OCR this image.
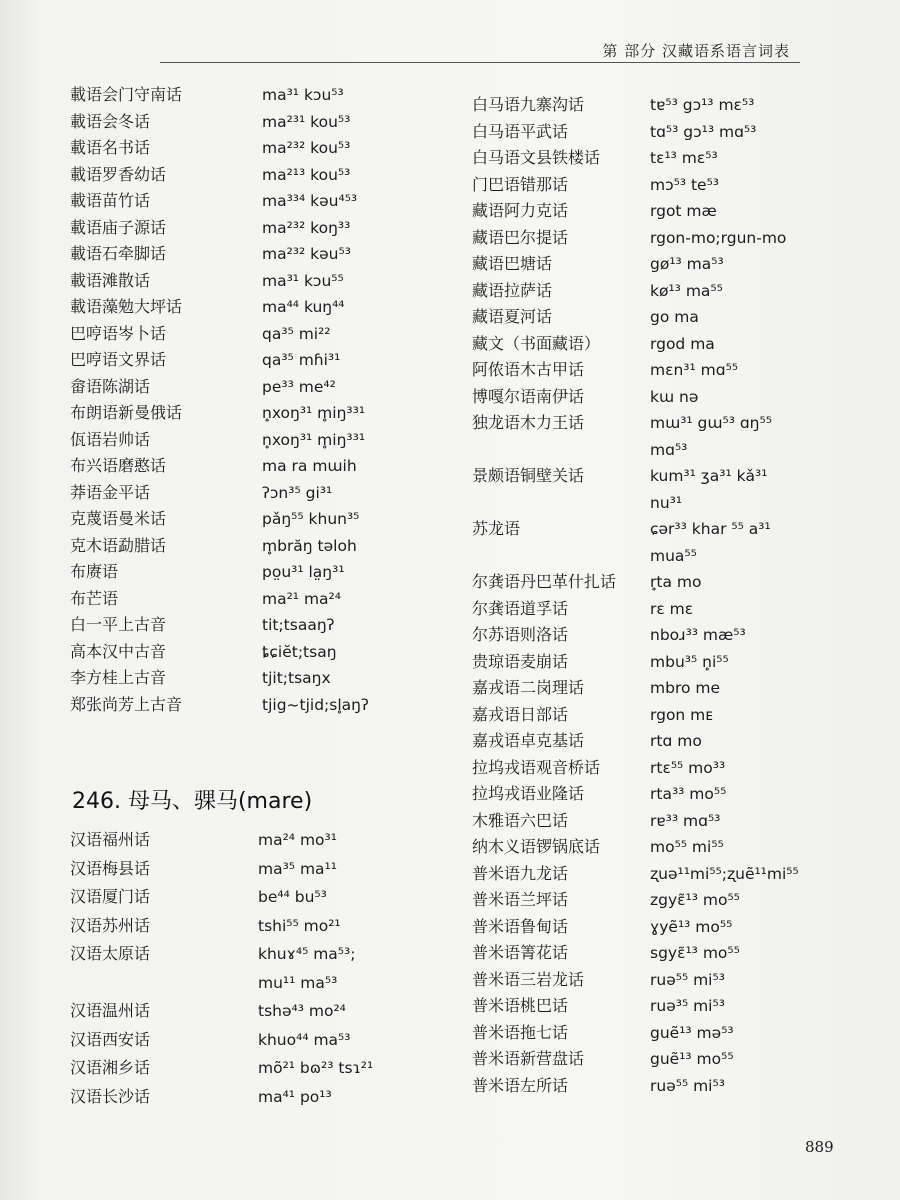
第 部分 汉藏语系语言词表
載语会门守南话	ma³¹ kɔu⁵³
載语会冬话	ma²³¹ kou⁵³
載语名书话	ma²³² kou⁵³
載语罗香幼话	ma²¹³ kou⁵³
載语苗竹话	ma³³⁴ kəu⁴⁵³
載语庙子源话	ma²³² koŋ³³
載语石牵脚话	ma²³² kəu⁵³
載语滩散话	ma³¹ kɔu⁵⁵
載语藻勉大坪话	ma⁴⁴ kuŋ⁴⁴
巴哼语岑卜话	qa³⁵ mi²²
巴哼语文界话	qa³⁵ mɦi³¹
畲语陈湖话	pe³³ me⁴²
布朗语新曼俄话	n̥xoŋ³¹ m̥iŋ³³¹
佤语岩帅话	n̥xoŋ³¹ m̥iŋ³³¹
布兴语磨憨话	ma ra mɯih
莽语金平话	ʔɔn³⁵ gi³¹
克蔑语曼米话	pǎŋ⁵⁵ khun³⁵
克木语勐腊话	m̥brăŋ təloh
布赓语	po̤u³¹ la̤ŋ³¹
布芒语	ma²¹ ma²⁴
白一平上古音	tit;tsaaŋʔ
高本汉中古音	ȶɕiĕt;tsaŋ
李方桂上古音	tjit;tsaŋx
郑张尚芳上古音	tjig~tjid;sl̥aŋʔ
246. 母马、骒马(mare)
汉语福州话	ma²⁴ mo³¹
汉语梅县话	ma³⁵ ma¹¹
汉语厦门话	be⁴⁴ bu⁵³
汉语苏州话	tshi⁵⁵ mo²¹
汉语太原话	khuɤ⁴⁵ ma⁵³;
mu¹¹ ma⁵³
汉语温州话	tshə⁴³ mo²⁴
汉语西安话	khuo⁴⁴ ma⁵³
汉语湘乡话	mõ²¹ bɷ²³ tsɿ²¹
汉语长沙话	ma⁴¹ po¹³
白马语九寨沟话	tɐ⁵³ gɔ¹³ mɛ⁵³
白马语平武话	tɑ⁵³ gɔ¹³ mɑ⁵³
白马语文县铁楼话	tɛ¹³ mɛ⁵³
门巴语错那话	mɔ⁵³ te⁵³
藏语阿力克话	rgot mæ
藏语巴尔提话	rgon-mo;rgun-mo
藏语巴塘话	gø¹³ ma⁵³
藏语拉萨话	kø¹³ ma⁵⁵
藏语夏河话	go ma
藏文（书面藏语）	rgod ma
阿侬语木古甲话	mɛn³¹ mɑ⁵⁵
博嘎尔语南伊话	kɯ nə
独龙语木力王话	mɯ³¹ gɯ⁵³ ɑŋ⁵⁵
mɑ⁵³
景颇语铜壁关话	kum³¹ ʒa³¹ kǎ³¹
nu³¹
苏龙语	ɕər³³ khar ⁵⁵ a³¹
mua⁵⁵
尔龚语丹巴革什扎话 r̥ta mo
尔龚语道孚话	rɛ mɛ
尔苏语则洛话	nboɹ³³ mæ⁵³
贵琼语麦崩话	mbu³⁵ n̥i⁵⁵
嘉戎语二岗理话	mbro me
嘉戎语日部话	rgon mᴇ
嘉戎语卓克基话	rtɑ mo
拉坞戎语观音桥话	rtɛ⁵⁵ mo³³
拉坞戎语业隆话	rta³³ mo⁵⁵
木雅语六巴话	rɐ³³ mɑ⁵³
纳木义语锣锅底话	mo⁵⁵ mi⁵⁵
普米语九龙话	ʐuə¹¹mi⁵⁵;ʐuẽ¹¹mi⁵⁵
普米语兰坪话	zgyɛ̃¹³ mo⁵⁵
普米语鲁甸话	ɣyẽ¹³ mo⁵⁵
普米语箐花话	sgyɛ̃¹³ mo⁵⁵
普米语三岩龙话	ruə⁵⁵ mi⁵³
普米语桃巴话	ruə³⁵ mi⁵³
普米语拖七话	guẽ¹³ mə⁵³
普米语新营盘话	guẽ¹³ mo⁵⁵
普米语左所话	ruə⁵⁵ mi⁵³
889
